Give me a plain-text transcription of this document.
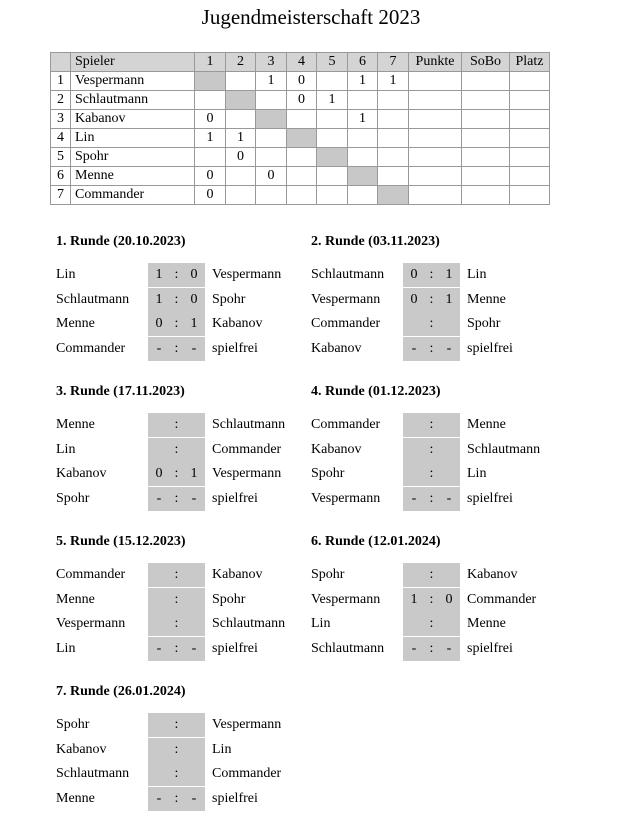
Jugendmeisterschaft 2023
	Spieler	1	2	3	4	5	6	7	Punkte	SoBo	Platz
1	Vespermann			1	0		1	1			
2	Schlautmann				0	1					
3	Kabanov	0					1				
4	Lin	1	1								
5	Spohr		0								
6	Menne	0		0							
7	Commander	0									
1. Runde (20.10.2023)
Lin	1 : 0	Vespermann
Schlautmann	1 : 0	Spohr
Menne	0 : 1	Kabanov
Commander	- : -	spielfrei
2. Runde (03.11.2023)
Schlautmann	0 : 1	Lin
Vespermann	0 : 1	Menne
Commander	:	Spohr
Kabanov	- : -	spielfrei
3. Runde (17.11.2023)
Menne	:	Schlautmann
Lin	:	Commander
Kabanov	0 : 1	Vespermann
Spohr	- : -	spielfrei
4. Runde (01.12.2023)
Commander	:	Menne
Kabanov	:	Schlautmann
Spohr	:	Lin
Vespermann	- : -	spielfrei
5. Runde (15.12.2023)
Commander	:	Kabanov
Menne	:	Spohr
Vespermann	:	Schlautmann
Lin	- : -	spielfrei
6. Runde (12.01.2024)
Spohr	:	Kabanov
Vespermann	1 : 0	Commander
Lin	:	Menne
Schlautmann	- : -	spielfrei
7. Runde (26.01.2024)
Spohr	:	Vespermann
Kabanov	:	Lin
Schlautmann	:	Commander
Menne	- : -	spielfrei
